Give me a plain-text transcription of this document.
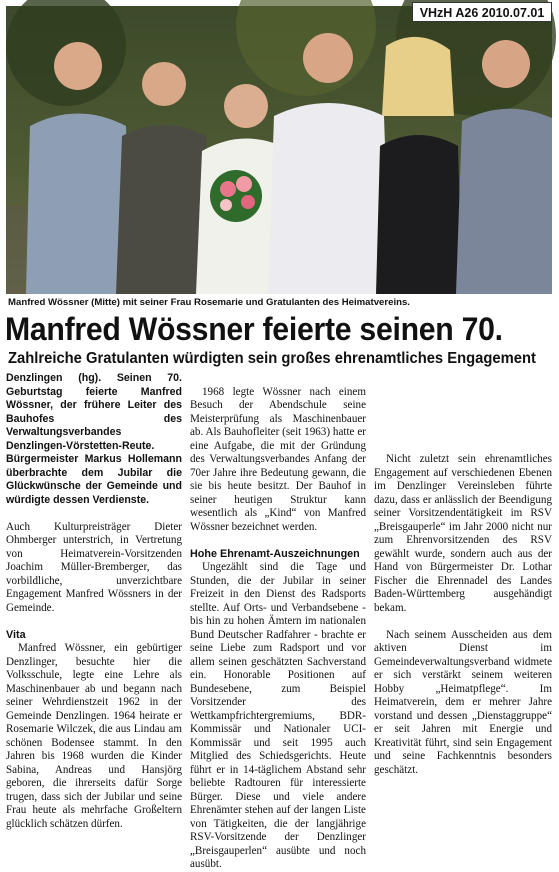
VHzH A26 2010.07.01
Manfred Wössner (Mitte) mit seiner Frau Rosemarie und Gratulanten des Heimatvereins.
Manfred Wössner feierte seinen 70.
Zahlreiche Gratulanten würdigten sein großes ehrenamtliches Engagement

Denzlingen (hg). Seinen 70. Geburtstag feierte Manfred Wössner, der frühere Leiter des Bauhofes des Verwaltungsverbandes Denzlingen-Vörstetten-Reute. Bürgermeister Markus Hollemann überbrachte dem Jubilar die Glückwünsche der Gemeinde und würdigte dessen Verdienste.

Auch Kulturpreisträger Dieter Ohmberger unterstrich, in Vertretung von Heimatverein-Vorsitzenden Joachim Müller-Bremberger, das vorbildliche, unverzichtbare Engagement Manfred Wössners in der Gemeinde.

Vita

Manfred Wössner, ein gebürtiger Denzlinger, besuchte hier die Volksschule, legte eine Lehre als Maschinenbauer ab und begann nach seiner Wehrdienstzeit 1962 in der Gemeinde Denzlingen. 1964 heirate er Rosemarie Wilczek, die aus Lindau am schönen Bodensee stammt. In den Jahren bis 1968 wurden die Kinder Sabina, Andreas und Hansjörg geboren, die ihrerseits dafür Sorge trugen, dass sich der Jubilar und seine Frau heute als mehrfache Großeltern glücklich schätzen dürfen.

1968 legte Wössner nach einem Besuch der Abendschule seine Meisterprüfung als Maschinenbauer ab. Als Bauhofleiter (seit 1963) hatte er eine Aufgabe, die mit der Gründung des Verwaltungsverbandes Anfang der 70er Jahre ihre Bedeutung gewann, die sie bis heute besitzt. Der Bauhof in seiner heutigen Struktur kann wesentlich als „Kind“ von Manfred Wössner bezeichnet werden.

Hohe Ehrenamt-Auszeichnungen

Ungezählt sind die Tage und Stunden, die der Jubilar in seiner Freizeit in den Dienst des Radsports stellte. Auf Orts- und Verbandsebene - bis hin zu hohen Ämtern im nationalen Bund Deutscher Radfahrer - brachte er seine Liebe zum Radsport und vor allem seinen geschätzten Sachverstand ein. Honorable Positionen auf Bundesebene, zum Beispiel Vorsitzender des Wettkampfrichtergremiums, BDR-Kommissär und Nationaler UCI-Kommissär und seit 1995 auch Mitglied des Schiedsgerichts. Heute führt er in 14-täglichem Abstand sehr beliebte Radtouren für interessierte Bürger. Diese und viele andere Ehrenämter stehen auf der langen Liste von Tätigkeiten, die der langjährige RSV-Vorsitzende der Denzlinger „Breisgauperlen“ ausübte und noch ausübt.

Nicht zuletzt sein ehrenamtliches Engagement auf verschiedenen Ebenen im Denzlinger Vereinsleben führte dazu, dass er anlässlich der Beendigung seiner Vorsitzendentätigkeit im RSV „Breisgauperle“ im Jahr 2000 nicht nur zum Ehrenvorsitzenden des RSV gewählt wurde, sondern auch aus der Hand von Bürgermeister Dr. Lothar Fischer die Ehrennadel des Landes Baden-Württemberg ausgehändigt bekam.

Nach seinem Ausscheiden aus dem aktiven Dienst im Gemeindeverwaltungsverband widmete er sich verstärkt seinem weiteren Hobby „Heimatpflege“. Im Heimatverein, dem er mehrer Jahre vorstand und dessen „Dienstaggruppe“ er seit Jahren mit Energie und Kreativität führt, sind sein Engagement und seine Fachkenntnis besonders geschätzt.
